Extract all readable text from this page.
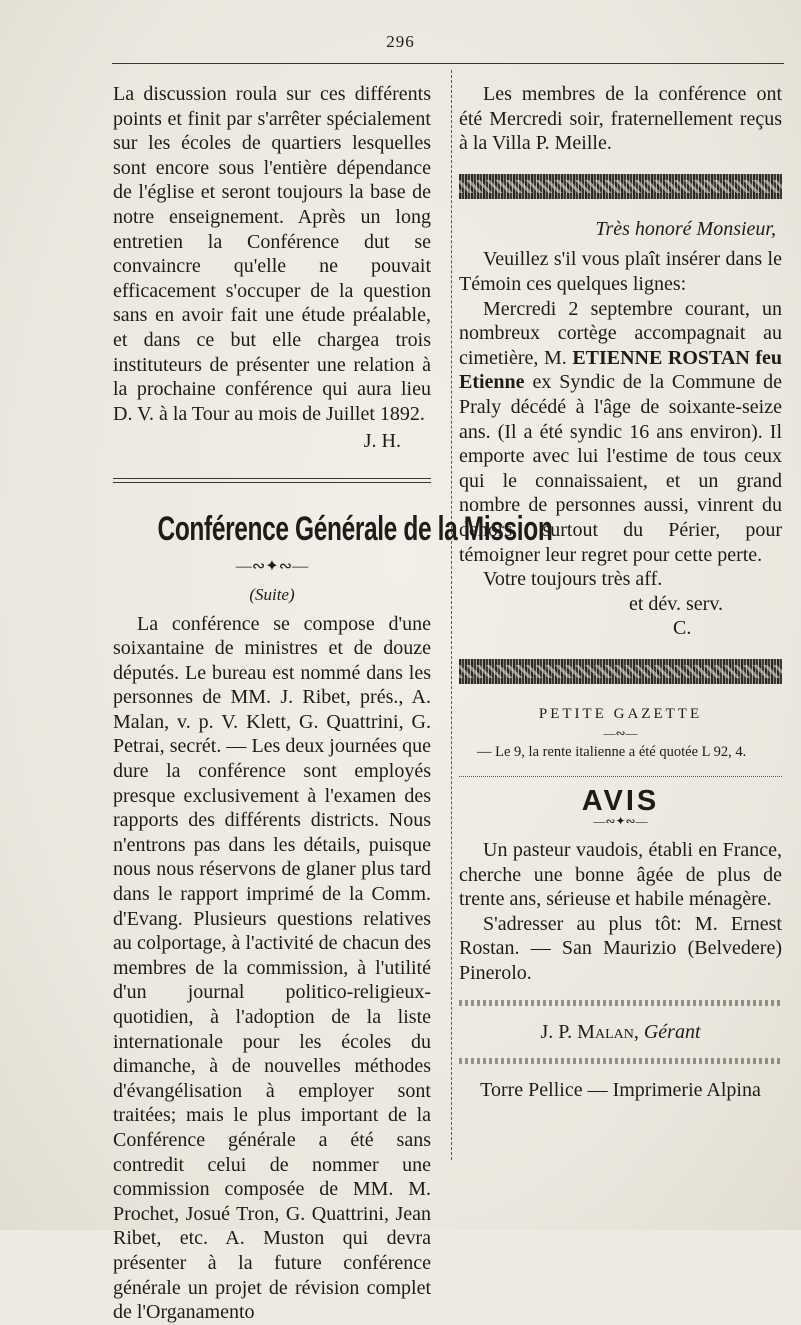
296

La discussion roula sur ces différents points et finit par s'arrêter spécialement sur les écoles de quartiers lesquelles sont encore sous l'entière dépendance de l'église et seront toujours la base de notre enseignement. Après un long entretien la Conférence dut se convaincre qu'elle ne pouvait efficacement s'occuper de la question sans en avoir fait une étude préalable, et dans ce but elle chargea trois instituteurs de présenter une relation à la prochaine conférence qui aura lieu D. V. à la Tour au mois de Juillet 1892.

J. H.

Conférence Générale de la Mission

—∾✦∾—
(Suite)

La conférence se compose d'une soixantaine de ministres et de douze députés. Le bureau est nommé dans les personnes de MM. J. Ribet, prés., A. Malan, v. p. V. Klett, G. Quattrini, G. Petrai, secrét. — Les deux journées que dure la conférence sont employés presque exclusivement à l'examen des rapports des différents districts. Nous n'entrons pas dans les détails, puisque nous nous réservons de glaner plus tard dans le rapport imprimé de la Comm. d'Evang. Plusieurs questions relatives au colportage, à l'activité de chacun des membres de la commission, à l'utilité d'un journal politico-religieux-quotidien, à l'adoption de la liste internationale pour les écoles du dimanche, à de nouvelles méthodes d'évangélisation à employer sont traitées; mais le plus important de la Conférence générale a été sans contredit celui de nommer une commission composée de MM. M. Prochet, Josué Tron, G. Quattrini, Jean Ribet, etc. A. Muston qui devra présenter à la future conférence générale un projet de révision complet de l'Organamento

Les membres de la conférence ont été Mercredi soir, fraternellement reçus à la Villa P. Meille.

Très honoré Monsieur,

Veuillez s'il vous plaît insérer dans le Témoin ces quelques lignes:

Mercredi 2 septembre courant, un nombreux cortège accompagnait au cimetière, M. ETIENNE ROSTAN feu Etienne ex Syndic de la Commune de Praly décédé à l'âge de soixante-seize ans. (Il a été syndic 16 ans environ). Il emporte avec lui l'estime de tous ceux qui le connaissaient, et un grand nombre de personnes aussi, vinrent du dehors, surtout du Périer, pour témoigner leur regret pour cette perte.

Votre toujours très aff.

et dév. serv.

C.

PETITE GAZETTE

—∾—

— Le 9, la rente italienne a été quotée L 92, 4.

AVIS

—∾✦∾—

Un pasteur vaudois, établi en France, cherche une bonne âgée de plus de trente ans, sérieuse et habile ménagère.

S'adresser au plus tôt: M. Ernest Rostan. — San Maurizio (Belvedere) Pinerolo.

J. P. Malan, Gérant

Torre Pellice — Imprimerie Alpina
